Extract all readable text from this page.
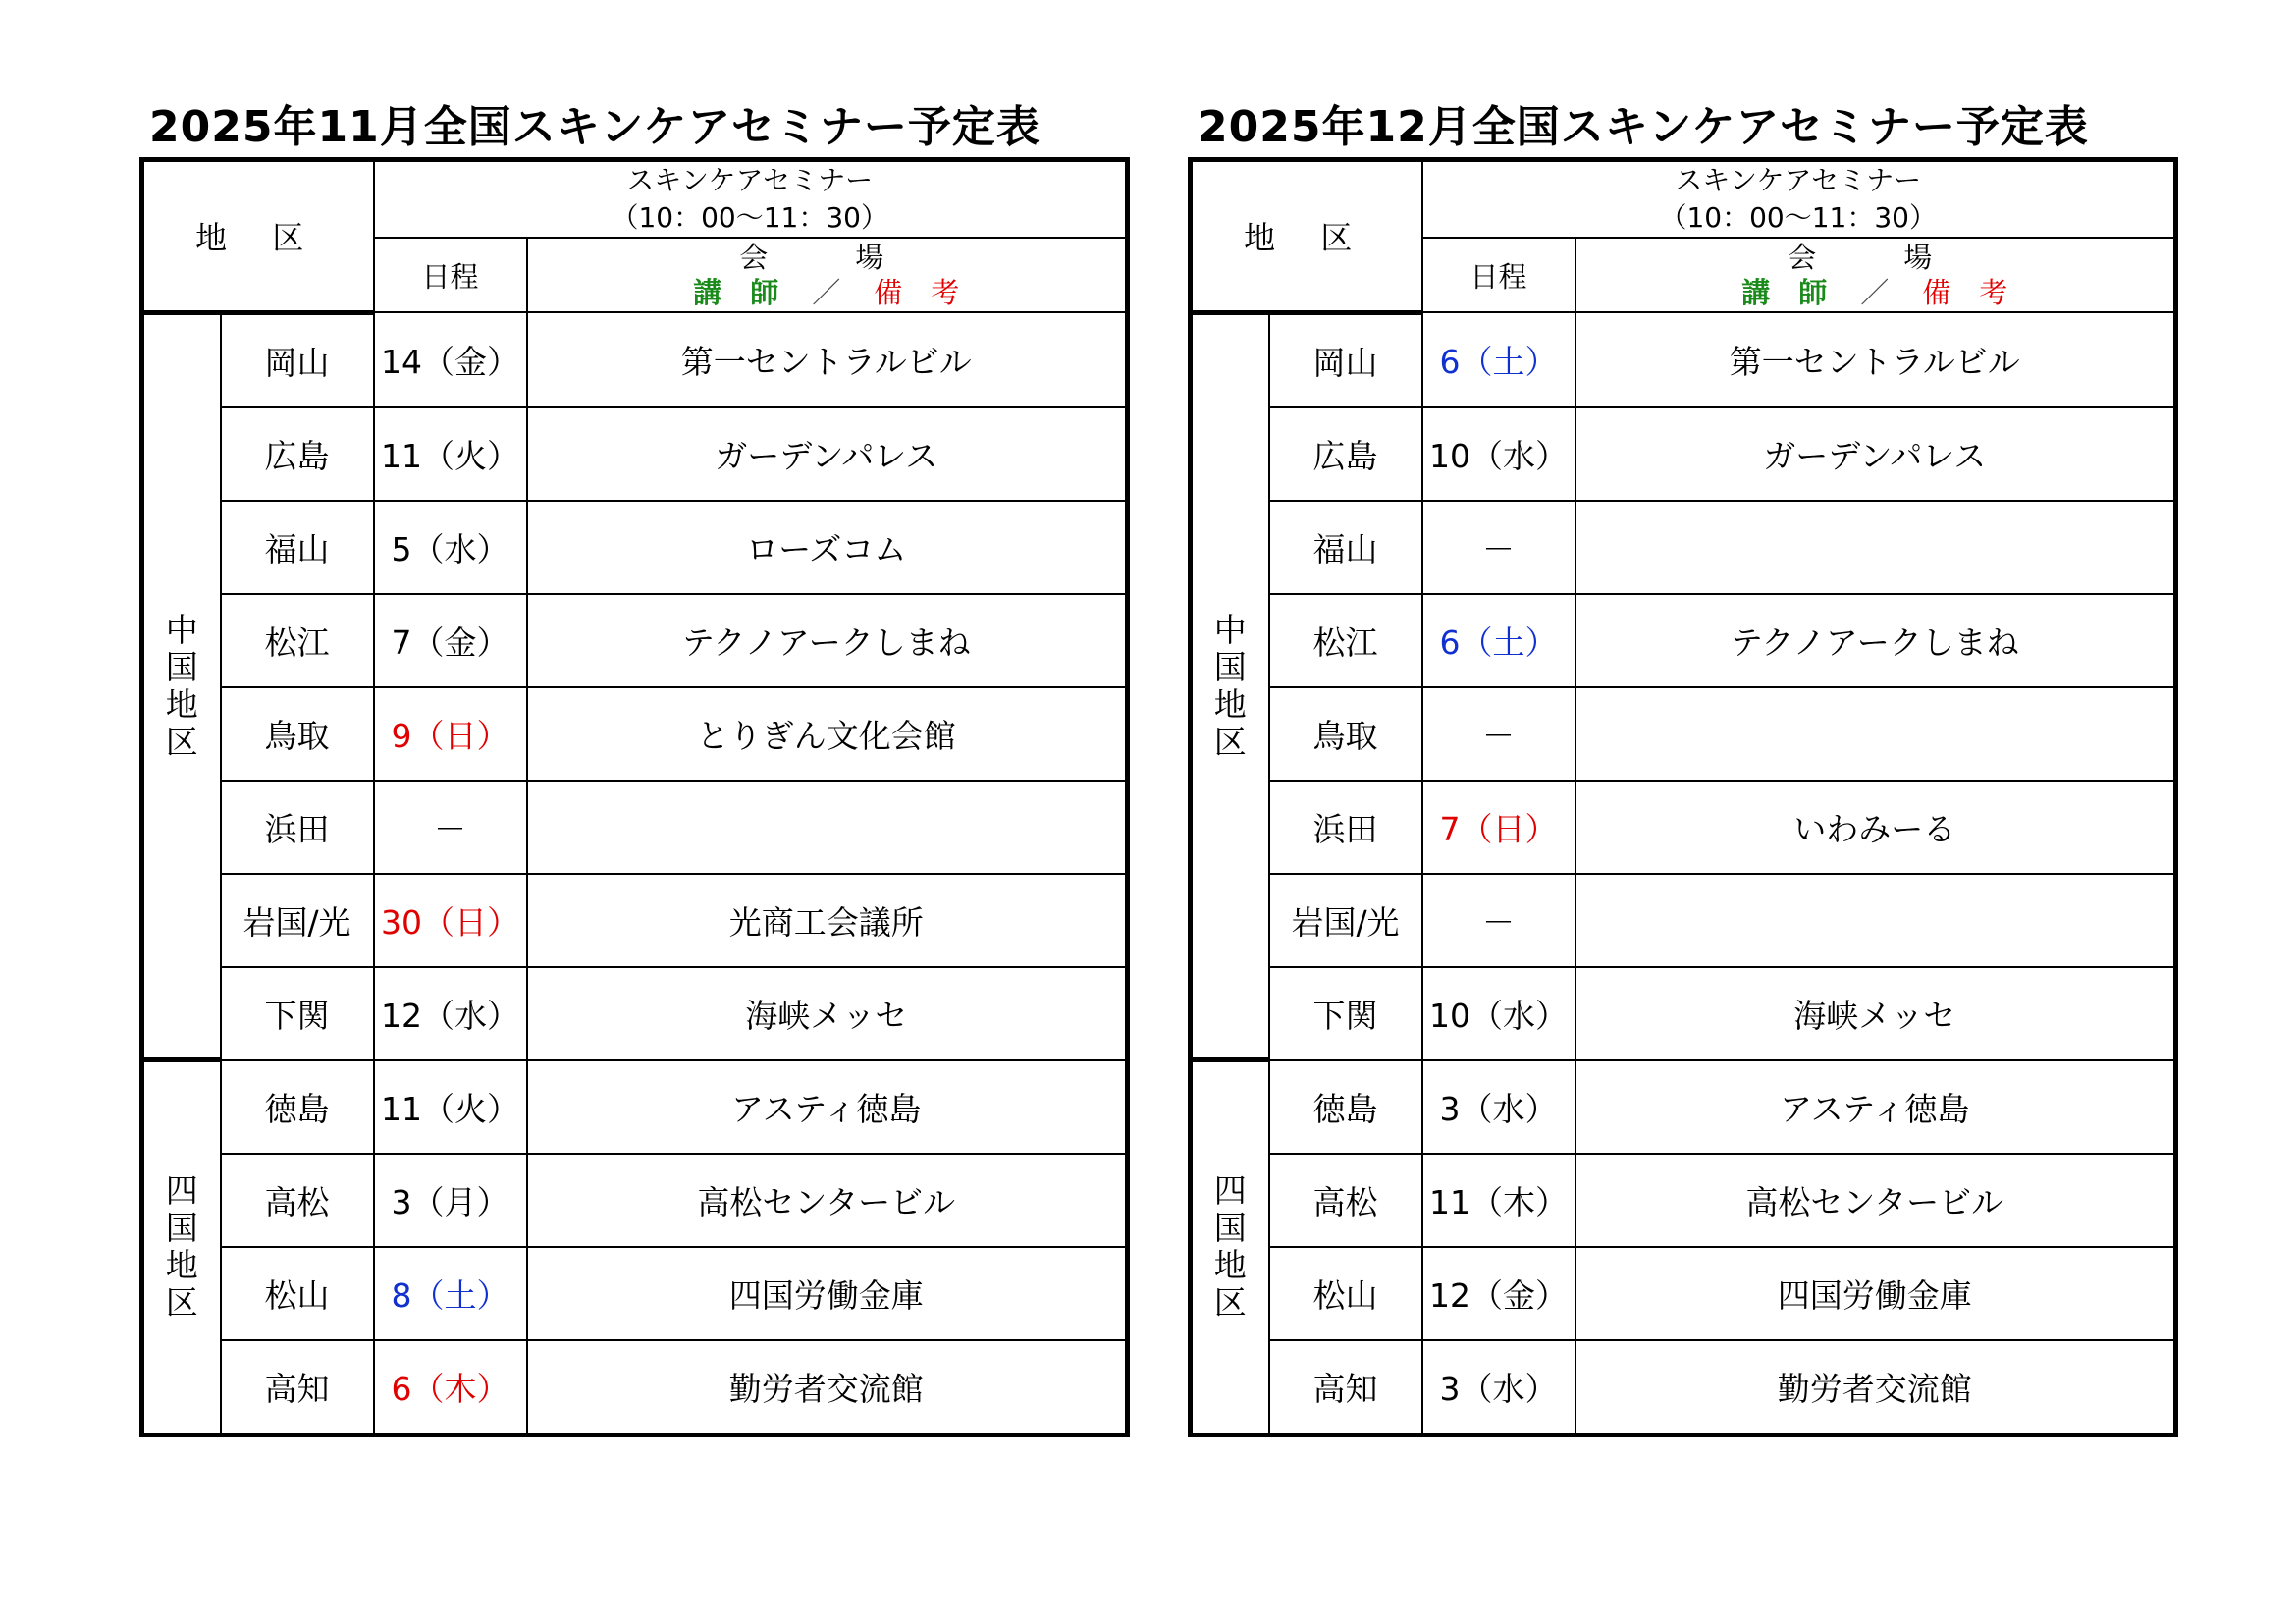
2025年11月全国スキンケアセミナー予定表
地 区		スキンケアセミナー
（10：00～11：30）	

		日程	会　場
講　師 ／ 備　考

中
国
地
区	岡山	14（金）	第一セントラルビル
	広島	11（火）	ガーデンパレス
	福山	5（水）	ローズコム
	松江	7（金）	テクノアークしまね
	鳥取	9（日）	とりぎん文化会館
	浜田	－	
	岩国/光	30（日）	光商工会議所
	下関	12（水）	海峡メッセ

四
国
地
区	徳島	11（火）	アスティ徳島
	高松	3（月）	高松センタービル
	松山	8（土）	四国労働金庫
	高知	6（木）	勤労者交流館
2025年12月全国スキンケアセミナー予定表
地 区		スキンケアセミナー
（10：00～11：30）	

		日程	会　場
講　師 ／ 備　考

中
国
地
区	岡山	6（土）	第一セントラルビル
	広島	10（水）	ガーデンパレス
	福山	－	
	松江	6（土）	テクノアークしまね
	鳥取	－	
	浜田	7（日）	いわみーる
	岩国/光	－	
	下関	10（水）	海峡メッセ

四
国
地
区	徳島	3（水）	アスティ徳島
	高松	11（木）	高松センタービル
	松山	12（金）	四国労働金庫
	高知	3（水）	勤労者交流館
